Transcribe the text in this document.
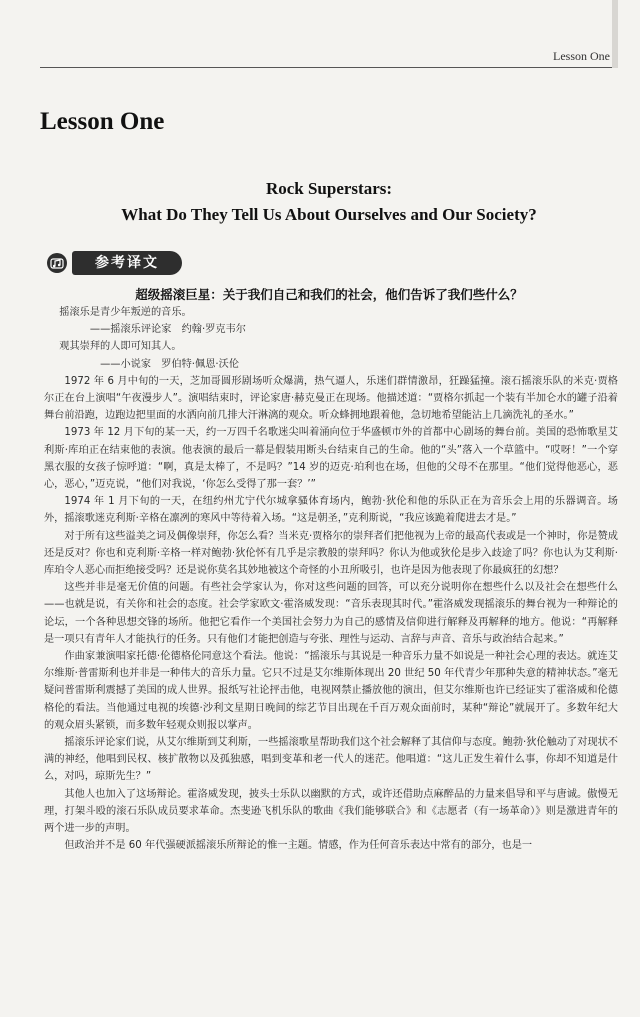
Lesson One
Lesson One
Rock Superstars:
What Do They Tell Us About Ourselves and Our Society?
参考译文
超级摇滚巨星：关于我们自己和我们的社会，他们告诉了我们些什么？

摇滚乐是青少年叛逆的音乐。

——摇滚乐评论家　约翰·罗克韦尔

观其崇拜的人即可知其人。

——小说家　罗伯特·佩恩·沃伦

1972 年 6 月中旬的一天，芝加哥圆形剧场听众爆满，热气逼人，乐迷们群情激昂，狂躁猛撞。滚石摇滚乐队的米克·贾格尔正在台上演唱“午夜漫步人”。演唱结束时，评论家唐·赫克曼正在现场。他描述道：“贾格尔抓起一个装有半加仑水的罐子沿着舞台前沿跑，边跑边把里面的水洒向前几排大汗淋漓的观众。听众蜂拥地跟着他，急切地希望能沾上几滴洗礼的圣水。”

1973 年 12 月下旬的某一天，约一万四千名歌迷尖叫着涌向位于华盛顿市外的首都中心剧场的舞台前。美国的恐怖歌星艾利斯·库珀正在结束他的表演。他表演的最后一幕是假装用断头台结束自己的生命。他的“头”落入一个草篮中。“哎呀！”一个穿黑衣服的女孩子惊呼道：“啊，真是太棒了，不是吗？”14 岁的迈克·珀利也在场，但他的父母不在那里。“他们觉得他恶心，恶心，恶心，”迈克说，“他们对我说，‘你怎么受得了那一套？’”

1974 年 1 月下旬的一天，在纽约州尤宁代尔城拿骚体育场内，鲍勃·狄伦和他的乐队正在为音乐会上用的乐器调音。场外，摇滚歌迷克利斯·辛格在凛冽的寒风中等待着入场。“这是朝圣，”克利斯说，“我应该跪着爬进去才是。”

对于所有这些溢美之词及偶像崇拜，你怎么看？当米克·贾格尔的崇拜者们把他视为上帝的最高代表或是一个神时，你是赞成还是反对？你也和克利斯·辛格一样对鲍勃·狄伦怀有几乎是宗教般的崇拜吗？你认为他或狄伦是步入歧途了吗？你也认为艾利斯·库珀令人恶心而拒绝接受吗？还是说你莫名其妙地被这个奇怪的小丑所吸引，也许是因为他表现了你最疯狂的幻想？

这些并非是毫无价值的问题。有些社会学家认为，你对这些问题的回答，可以充分说明你在想些什么以及社会在想些什么——也就是说，有关你和社会的态度。社会学家欧文·霍洛威发现：“音乐表现其时代。”霍洛威发现摇滚乐的舞台视为一种辩论的论坛，一个各种思想交锋的场所。他把它看作一个美国社会努力为自己的感情及信仰进行解释及再解释的地方。他说：“再解释是一项只有青年人才能执行的任务。只有他们才能把创造与夸张、理性与运动、言辞与声音、音乐与政治结合起来。”

作曲家兼演唱家托德·伦德格伦同意这个看法。他说：“摇滚乐与其说是一种音乐力量不如说是一种社会心理的表达。就连艾尔维斯·普雷斯利也并非是一种伟大的音乐力量。它只不过是艾尔维斯体现出 20 世纪 50 年代青少年那种失意的精神状态。”毫无疑问普雷斯利震撼了美国的成人世界。报纸写社论抨击他，电视网禁止播放他的演出，但艾尔维斯也许已经证实了霍洛威和伦德格伦的看法。当他通过电视的埃德·沙利文星期日晚间的综艺节目出现在千百万观众面前时，某种“辩论”就展开了。多数年纪大的观众眉头紧锁，而多数年轻观众则报以掌声。

摇滚乐评论家们说，从艾尔维斯到艾利斯，一些摇滚歌星帮助我们这个社会解释了其信仰与态度。鲍勃·狄伦触动了对现状不满的神经，他唱到民权、核扩散物以及孤独感，唱到变革和老一代人的迷茫。他唱道：“这儿正发生着什么事，你却不知道是什么，对吗，琼斯先生？”

其他人也加入了这场辩论。霍洛威发现，披头士乐队以幽默的方式，或许还借助点麻醉品的力量来倡导和平与唐诚。傲慢无理，打架斗殴的滚石乐队成员要求革命。杰斐逊飞机乐队的歌曲《我们能够联合》和《志愿者（有一场革命）》则是激进青年的两个进一步的声明。

但政治并不是 60 年代强硬派摇滚乐所辩论的惟一主题。情感，作为任何音乐表达中常有的部分，也是一
